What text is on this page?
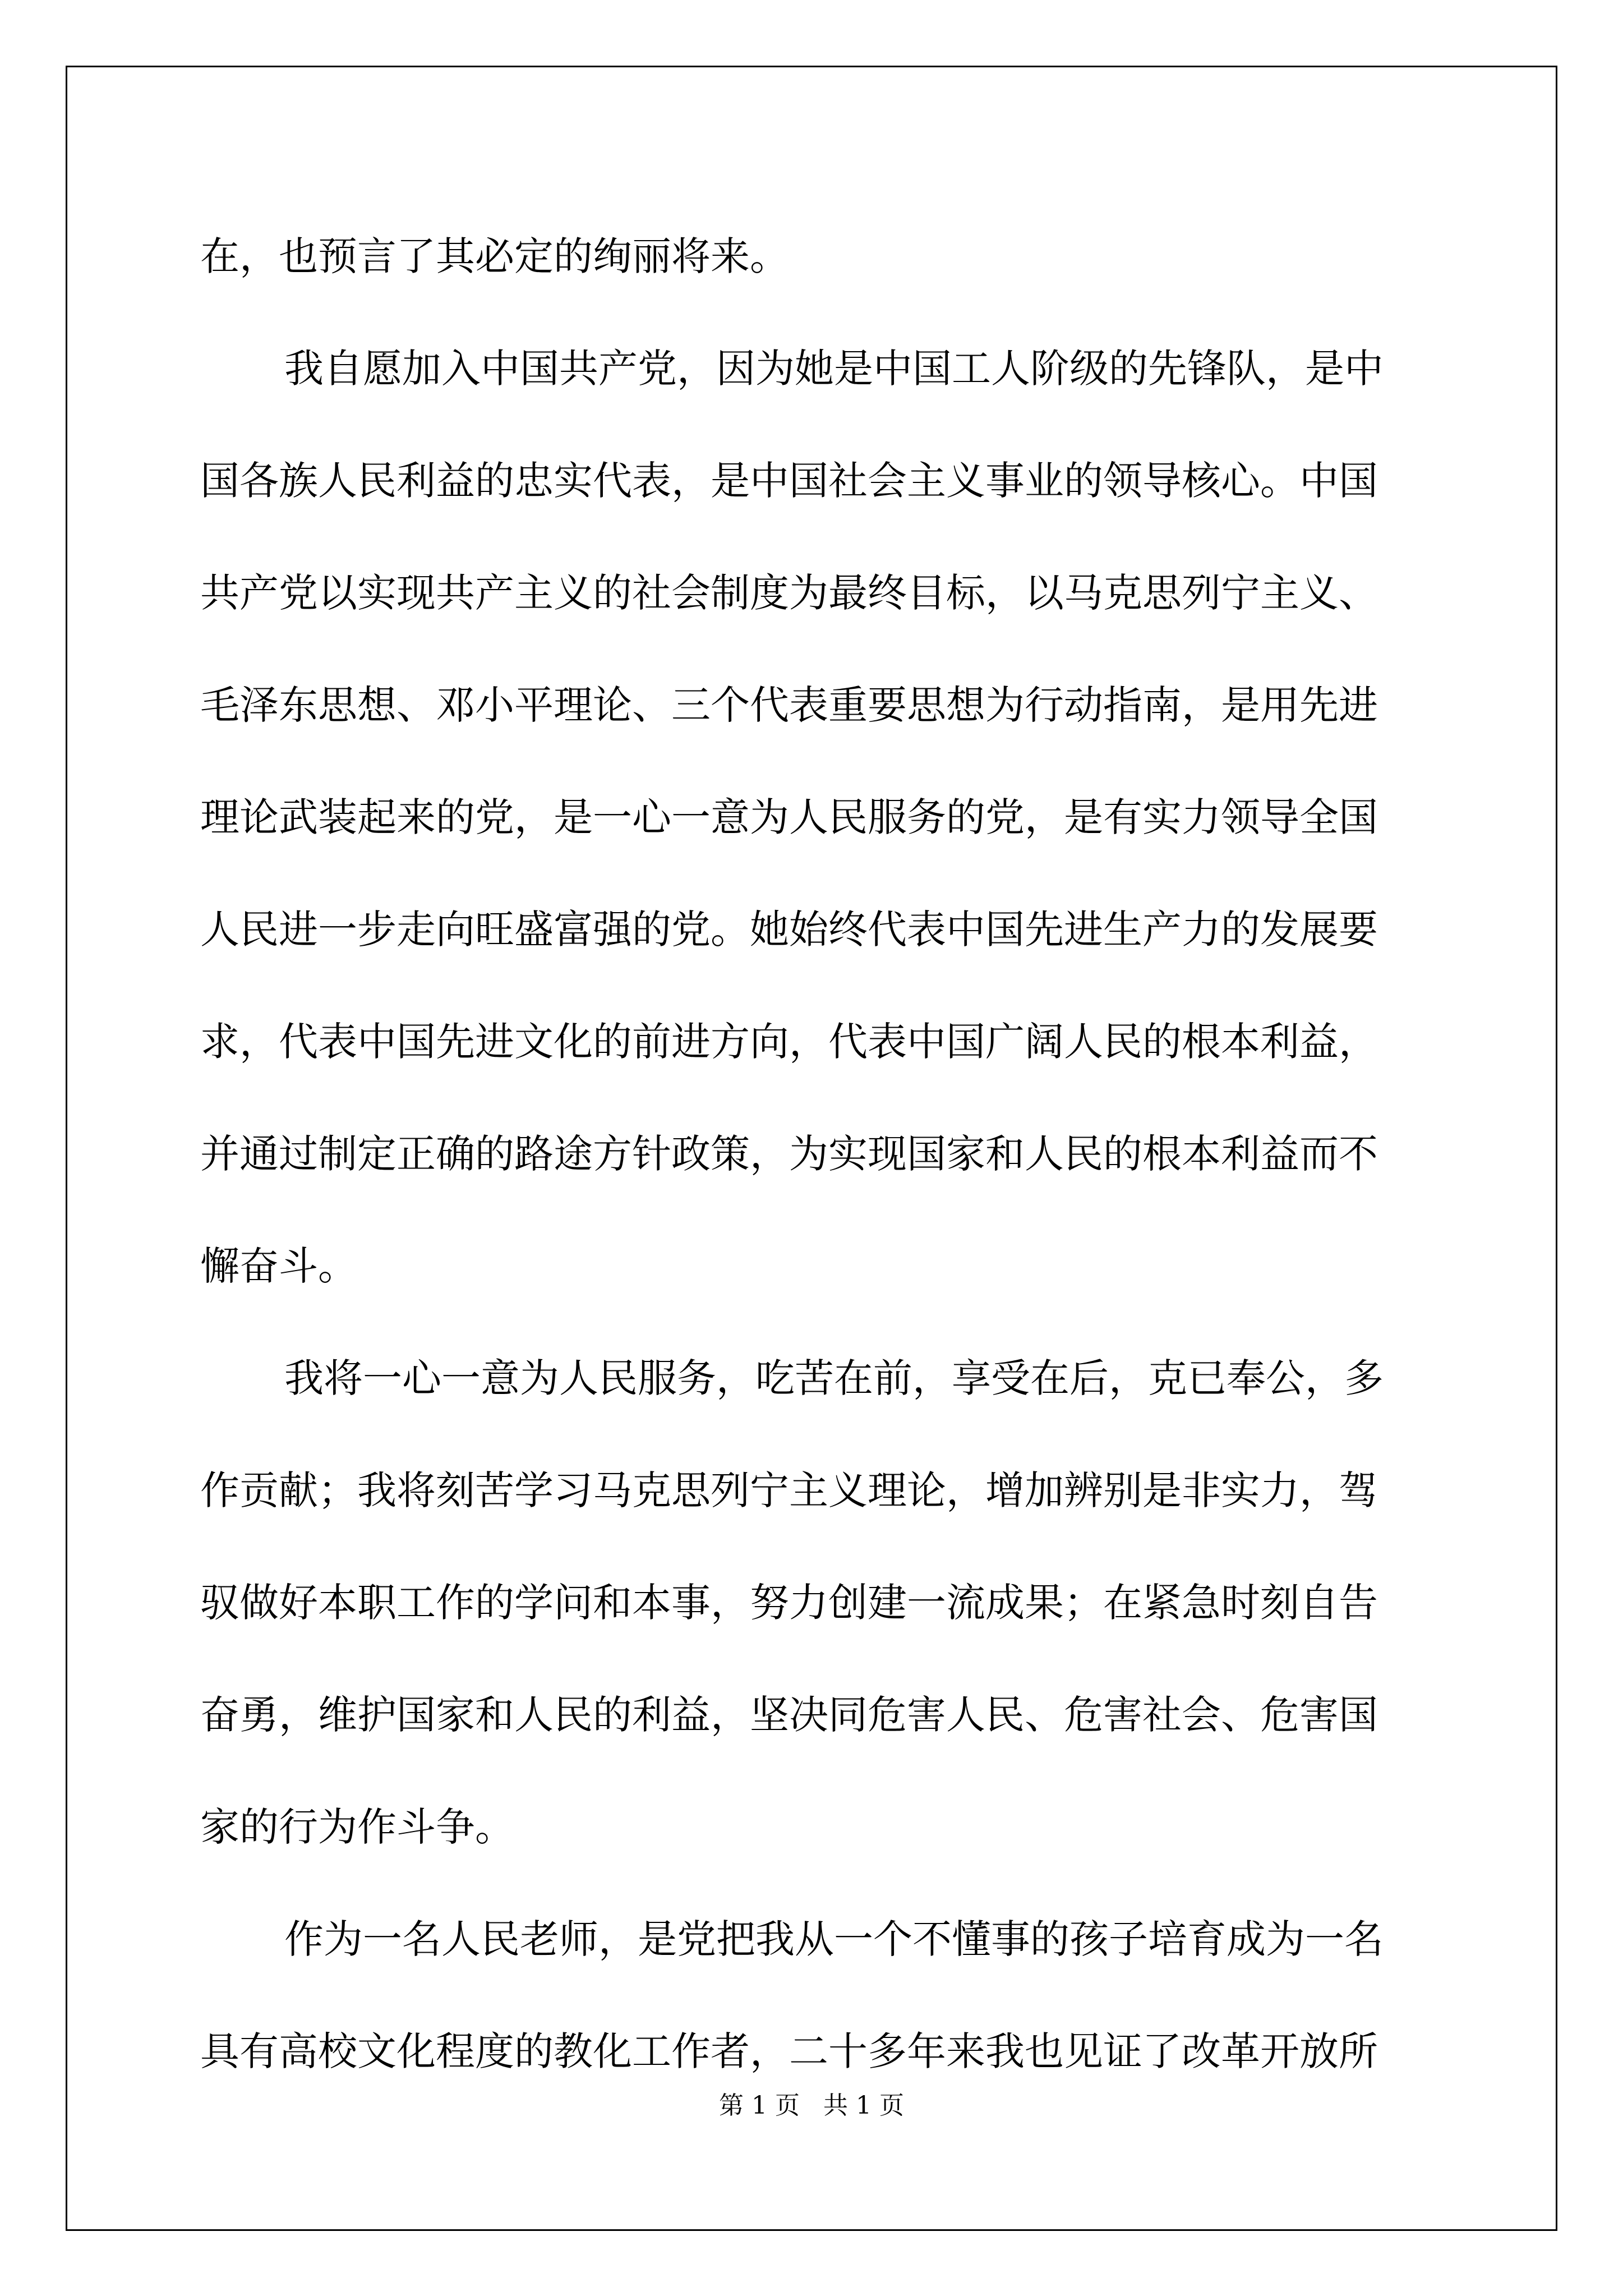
在，也预言了其必定的绚丽将来。
我自愿加入中国共产党，因为她是中国工人阶级的先锋队，是中
国各族人民利益的忠实代表，是中国社会主义事业的领导核心。中国
共产党以实现共产主义的社会制度为最终目标，以马克思列宁主义、
毛泽东思想、邓小平理论、三个代表重要思想为行动指南，是用先进
理论武装起来的党，是一心一意为人民服务的党，是有实力领导全国
人民进一步走向旺盛富强的党。她始终代表中国先进生产力的发展要
求，代表中国先进文化的前进方向，代表中国广阔人民的根本利益，
并通过制定正确的路途方针政策，为实现国家和人民的根本利益而不
懈奋斗。
我将一心一意为人民服务，吃苦在前，享受在后，克已奉公，多
作贡献；我将刻苦学习马克思列宁主义理论，增加辨别是非实力，驾
驭做好本职工作的学问和本事，努力创建一流成果；在紧急时刻自告
奋勇，维护国家和人民的利益，坚决同危害人民、危害社会、危害国
家的行为作斗争。
作为一名人民老师，是党把我从一个不懂事的孩子培育成为一名
具有高校文化程度的教化工作者，二十多年来我也见证了改革开放所
第 1 页   共 1 页
